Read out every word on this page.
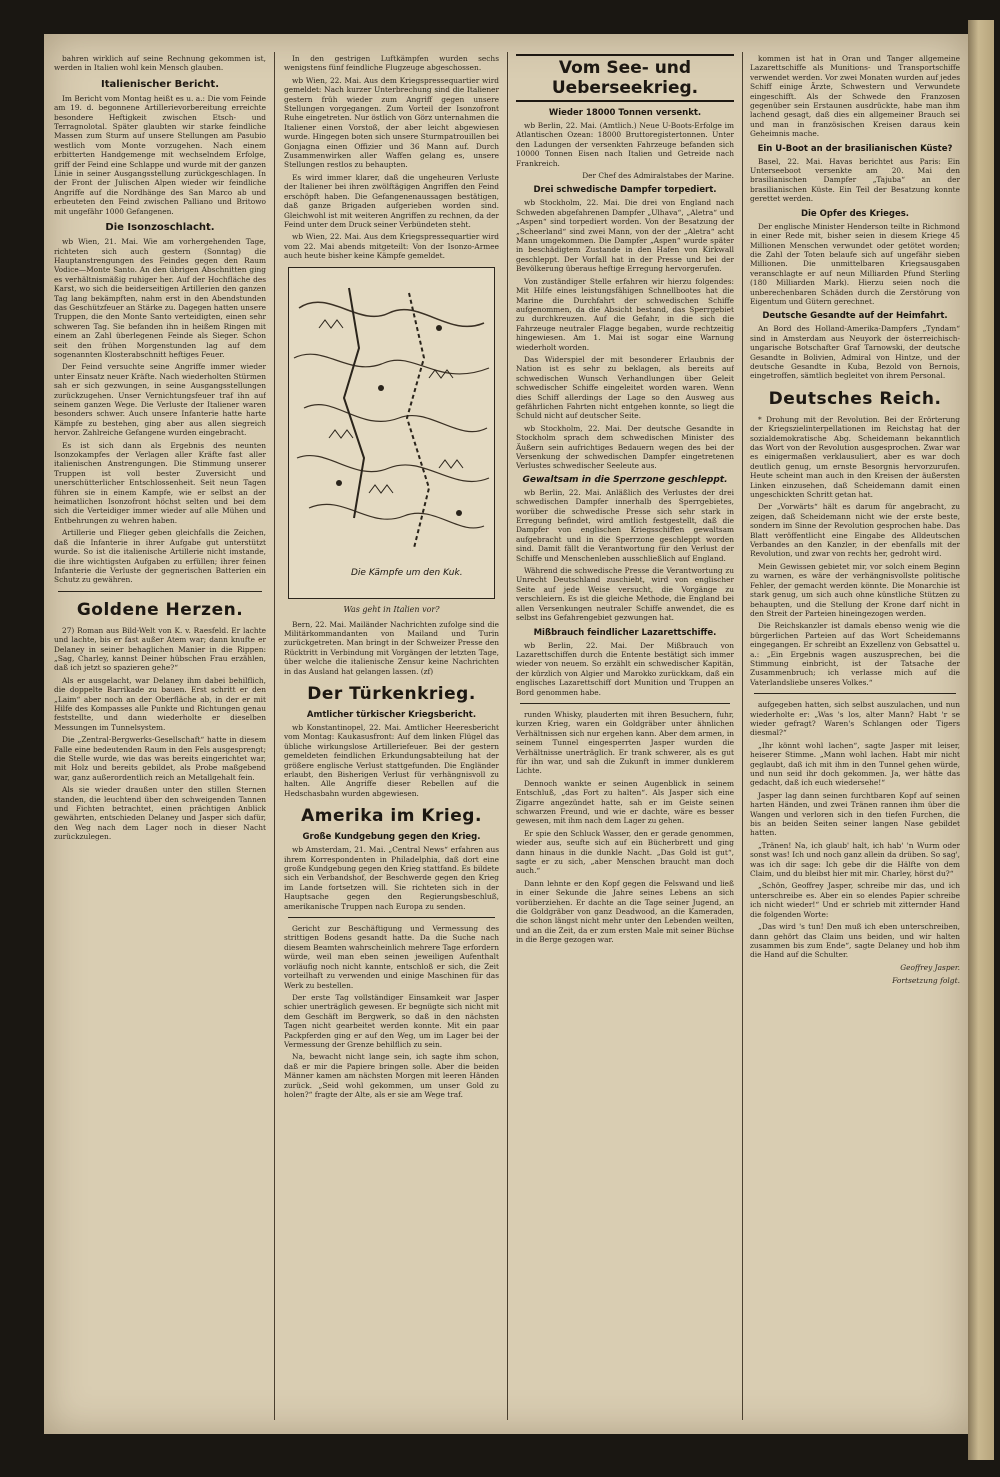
bahren wirklich auf seine Rechnung gekommen ist, werden in Italien wohl kein Mensch glauben.

Italienischer Bericht.

Im Bericht vom Montag heißt es u. a.: Die vom Feinde am 19. d. begonnene Artillerievorbereitung erreichte besondere Heftigkeit zwischen Etsch- und Terragnolotal. Später glaubten wir starke feindliche Massen zum Sturm auf unsere Stellungen am Pasubio westlich vom Monte vorzugehen. Nach einem erbitterten Handgemenge mit wechselndem Erfolge, griff der Feind eine Schlappe und wurde mit der ganzen Linie in seiner Ausgangsstellung zurückgeschlagen. In der Front der Julischen Alpen wieder wir feindliche Angriffe auf die Nordhänge des San Marco ab und erbeuteten den Feind zwischen Palliano und Britowo mit ungefähr 1000 Gefangenen.

Die Isonzoschlacht.

wb Wien, 21. Mai. Wie am vorhergehenden Tage, richteten sich auch gestern (Sonntag) die Hauptanstrengungen des Feindes gegen den Raum Vodice—Monte Santo. An den übrigen Abschnitten ging es verhältnismäßig ruhiger her. Auf der Hochfläche des Karst, wo sich die beiderseitigen Artillerien den ganzen Tag lang bekämpften, nahm erst in den Abendstunden das Geschützfeuer an Stärke zu. Dagegen hatten unsere Truppen, die den Monte Santo verteidigten, einen sehr schweren Tag. Sie befanden ihn in heißem Ringen mit einem an Zahl überlegenen Feinde als Sieger. Schon seit den frühen Morgenstunden lag auf dem sogenannten Klosterabschnitt heftiges Feuer.

Der Feind versuchte seine Angriffe immer wieder unter Einsatz neuer Kräfte. Nach wiederholten Stürmen sah er sich gezwungen, in seine Ausgangsstellungen zurückzugehen. Unser Vernichtungsfeuer traf ihn auf seinem ganzen Wege. Die Verluste der Italiener waren besonders schwer. Auch unsere Infanterie hatte harte Kämpfe zu bestehen, ging aber aus allen siegreich hervor. Zahlreiche Gefangene wurden eingebracht.

Es ist sich dann als Ergebnis des neunten Isonzokampfes der Verlagen aller Kräfte fast aller italienischen Anstrengungen. Die Stimmung unserer Truppen ist voll bester Zuversicht und unerschütterlicher Entschlossenheit. Seit neun Tagen führen sie in einem Kampfe, wie er selbst an der heimatlichen Isonzofront höchst selten und bei dem sich die Verteidiger immer wieder auf alle Mühen und Entbehrungen zu wehren haben.

Artillerie und Flieger geben gleichfalls die Zeichen, daß die Infanterie in ihrer Aufgabe gut unterstützt wurde. So ist die italienische Artillerie nicht imstande, die ihre wichtigsten Aufgaben zu erfüllen; ihrer feinen Infanterie die Verluste der gegnerischen Batterien ein Schutz zu gewähren.

Goldene Herzen.

27) Roman aus Bild-Welt von K. v. Raesfeld. Er lachte und lachte, bis er fast außer Atem war; dann knufte er Delaney in seiner behaglichen Manier in die Rippen: „Sag, Charley, kannst Deiner hübschen Frau erzählen, daß ich jetzt so spazieren gehe?“

Als er ausgelacht, war Delaney ihm dabei behilflich, die doppelte Barrikade zu bauen. Erst schritt er den „Laim“ aber noch an der Oberfläche ab, in der er mit Hilfe des Kompasses alle Punkte und Richtungen genau feststellte, und dann wiederholte er dieselben Messungen im Tunnelsystem.

Die „Zentral-Bergwerks-Gesellschaft“ hatte in diesem Falle eine bedeutenden Raum in den Fels ausgesprengt; die Stelle wurde, wie das was bereits eingerichtet war, mit Holz und bereits gebildet, als Probe maßgebend war, ganz außerordentlich reich an Metallgehalt fein.

Als sie wieder draußen unter den stillen Sternen standen, die leuchtend über den schweigenden Tannen und Fichten betrachtet, einen prächtigen Anblick gewährten, entschieden Delaney und Jasper sich dafür, den Weg nach dem Lager noch in dieser Nacht zurückzulegen.

In den gestrigen Luftkämpfen wurden sechs wenigstens fünf feindliche Flugzeuge abgeschossen.

wb Wien, 22. Mai. Aus dem Kriegspressequartier wird gemeldet: Nach kurzer Unterbrechung sind die Italiener gestern früh wieder zum Angriff gegen unsere Stellungen vorgegangen. Zum Vorteil der Isonzofront Ruhe eingetreten. Nur östlich von Görz unternahmen die Italiener einen Vorstoß, der aber leicht abgewiesen wurde. Hingegen boten sich unsere Sturmpatrouillen bei Gonjagna einen Offizier und 36 Mann auf. Durch Zusammenwirken aller Waffen gelang es, unsere Stellungen restlos zu behaupten.

Es wird immer klarer, daß die ungeheuren Verluste der Italiener bei ihren zwölftägigen Angriffen den Feind erschöpft haben. Die Gefangenenaussagen bestätigen, daß ganze Brigaden aufgerieben worden sind. Gleichwohl ist mit weiteren Angriffen zu rechnen, da der Feind unter dem Druck seiner Verbündeten steht.

wb Wien, 22. Mai. Aus dem Kriegspressequartier wird vom 22. Mai abends mitgeteilt: Von der Isonzo-Armee auch heute bisher keine Kämpfe gemeldet.

Die Kämpfe um den Kuk.
Was geht in Italien vor?

Bern, 22. Mai. Mailänder Nachrichten zufolge sind die Militärkommandanten von Mailand und Turin zurückgetreten. Man bringt in der Schweizer Presse den Rücktritt in Verbindung mit Vorgängen der letzten Tage, über welche die italienische Zensur keine Nachrichten in das Ausland hat gelangen lassen. (zf)

Der Türkenkrieg.
Amtlicher türkischer Kriegsbericht.

wb Konstantinopel, 22. Mai. Amtlicher Heeresbericht vom Montag: Kaukasusfront: Auf dem linken Flügel das übliche wirkungslose Artilleriefeuer. Bei der gestern gemeldeten feindlichen Erkundungsabteilung hat der größere englische Verlust stattgefunden. Die Engländer erlaubt, den Bisherigen Verlust für verhängnisvoll zu halten. Alle Angriffe dieser Rebellen auf die Hedschasbahn wurden abgewiesen.

Amerika im Krieg.
Große Kundgebung gegen den Krieg.

wb Amsterdam, 21. Mai. „Central News“ erfahren aus ihrem Korrespondenten in Philadelphia, daß dort eine große Kundgebung gegen den Krieg stattfand. Es bildete sich ein Verbandshof, der Beschwerde gegen den Krieg im Lande fortsetzen will. Sie richteten sich in der Hauptsache gegen den Regierungsbeschluß, amerikanische Truppen nach Europa zu senden.

Gericht zur Beschäftigung und Vermessung des strittigen Bodens gesandt hatte. Da die Suche nach diesem Beamten wahrscheinlich mehrere Tage erfordern würde, weil man eben seinen jeweiligen Aufenthalt vorläufig noch nicht kannte, entschloß er sich, die Zeit vorteilhaft zu verwenden und einige Maschinen für das Werk zu bestellen.

Der erste Tag vollständiger Einsamkeit war Jasper schier unerträglich gewesen. Er begnügte sich nicht mit dem Geschäft im Bergwerk, so daß in den nächsten Tagen nicht gearbeitet werden konnte. Mit ein paar Packpferden ging er auf den Weg, um im Lager bei der Vermessung der Grenze behilflich zu sein.

Na, bewacht nicht lange sein, ich sagte ihm schon, daß er mir die Papiere bringen solle. Aber die beiden Männer kamen am nächsten Morgen mit leeren Händen zurück. „Seid wohl gekommen, um unser Gold zu holen?“ fragte der Alte, als er sie am Wege traf.

Vom See- und Ueberseekrieg.
Wieder 18000 Tonnen versenkt.

wb Berlin, 22. Mai. (Amtlich.) Neue U-Boots-Erfolge im Atlantischen Ozean: 18000 Bruttoregistertonnen. Unter den Ladungen der versenkten Fahrzeuge befanden sich 10000 Tonnen Eisen nach Italien und Getreide nach Frankreich.

Der Chef des Admiralstabes der Marine.

Drei schwedische Dampfer torpediert.

wb Stockholm, 22. Mai. Die drei von England nach Schweden abgefahrenen Dampfer „Ulhava“, „Aletra“ und „Aspen“ sind torpediert worden. Von der Besatzung der „Scheerland“ sind zwei Mann, von der der „Aletra“ acht Mann umgekommen. Die Dampfer „Aspen“ wurde später in beschädigtem Zustande in den Hafen von Kirkwall geschleppt. Der Vorfall hat in der Presse und bei der Bevölkerung überaus heftige Erregung hervorgerufen.

Von zuständiger Stelle erfahren wir hierzu folgendes: Mit Hilfe eines leistungsfähigen Schnellbootes hat die Marine die Durchfahrt der schwedischen Schiffe aufgenommen, da die Absicht bestand, das Sperrgebiet zu durchkreuzen. Auf die Gefahr, in die sich die Fahrzeuge neutraler Flagge begaben, wurde rechtzeitig hingewiesen. Am 1. Mai ist sogar eine Warnung wiederholt worden.

Das Widerspiel der mit besonderer Erlaubnis der Nation ist es sehr zu beklagen, als bereits auf schwedischen Wunsch Verhandlungen über Geleit schwedischer Schiffe eingeleitet worden waren. Wenn dies Schiff allerdings der Lage so den Ausweg aus gefährlichen Fahrten nicht entgehen konnte, so liegt die Schuld nicht auf deutscher Seite.

wb Stockholm, 22. Mai. Der deutsche Gesandte in Stockholm sprach dem schwedischen Minister des Äußern sein aufrichtiges Bedauern wegen des bei der Versenkung der schwedischen Dampfer eingetretenen Verlustes schwedischer Seeleute aus.

Gewaltsam in die Sperrzone geschleppt.

wb Berlin, 22. Mai. Anläßlich des Verlustes der drei schwedischen Dampfer innerhalb des Sperrgebietes, worüber die schwedische Presse sich sehr stark in Erregung befindet, wird amtlich festgestellt, daß die Dampfer von englischen Kriegsschiffen gewaltsam aufgebracht und in die Sperrzone geschleppt worden sind. Damit fällt die Verantwortung für den Verlust der Schiffe und Menschenleben ausschließlich auf England.

Während die schwedische Presse die Verantwortung zu Unrecht Deutschland zuschiebt, wird von englischer Seite auf jede Weise versucht, die Vorgänge zu verschleiern. Es ist die gleiche Methode, die England bei allen Versenkungen neutraler Schiffe anwendet, die es selbst ins Gefahrengebiet gezwungen hat.

Mißbrauch feindlicher Lazarettschiffe.

wb Berlin, 22. Mai. Der Mißbrauch von Lazarettschiffen durch die Entente bestätigt sich immer wieder von neuem. So erzählt ein schwedischer Kapitän, der kürzlich von Algier und Marokko zurückkam, daß ein englisches Lazarettschiff dort Munition und Truppen an Bord genommen habe.

runden Whisky, plauderten mit ihren Besuchern, fuhr, kurzen Krieg, waren ein Goldgräber unter ähnlichen Verhältnissen sich nur ergehen kann. Aber dem armen, in seinem Tunnel eingesperrten Jasper wurden die Verhältnisse unerträglich. Er trank schwerer, als es gut für ihn war, und sah die Zukunft in immer dunklerem Lichte.

Dennoch wankte er seinen Augenblick in seinem Entschluß, „das Fort zu halten“. Als Jasper sich eine Zigarre angezündet hatte, sah er im Geiste seinen schwarzen Freund, und wie er dachte, wäre es besser gewesen, mit ihm nach dem Lager zu gehen.

Er spie den Schluck Wasser, den er gerade genommen, wieder aus, seufte sich auf ein Bücherbrett und ging dann hinaus in die dunkle Nacht. „Das Gold ist gut“, sagte er zu sich, „aber Menschen braucht man doch auch.“

Dann lehnte er den Kopf gegen die Felswand und ließ in einer Sekunde die Jahre seines Lebens an sich vorüberziehen. Er dachte an die Tage seiner Jugend, an die Goldgräber von ganz Deadwood, an die Kameraden, die schon längst nicht mehr unter den Lebenden weilten, und an die Zeit, da er zum ersten Male mit seiner Büchse in die Berge gezogen war.

kommen ist hat in Oran und Tanger allgemeine Lazarettschiffe als Munitions- und Transportschiffe verwendet werden. Vor zwei Monaten wurden auf jedes Schiff einige Ärzte, Schwestern und Verwundete eingeschifft. Als der Schwede den Franzosen gegenüber sein Erstaunen ausdrückte, habe man ihm lachend gesagt, daß dies ein allgemeiner Brauch sei und man in französischen Kreisen daraus kein Geheimnis mache.

Ein U-Boot an der brasilianischen Küste?

Basel, 22. Mai. Havas berichtet aus Paris: Ein Unterseeboot versenkte am 20. Mai den brasilianischen Dampfer „Tajuba“ an der brasilianischen Küste. Ein Teil der Besatzung konnte gerettet werden.

Die Opfer des Krieges.

Der englische Minister Henderson teilte in Richmond in einer Rede mit, bisher seien in diesem Kriege 45 Millionen Menschen verwundet oder getötet worden; die Zahl der Toten belaufe sich auf ungefähr sieben Millionen. Die unmittelbaren Kriegsausgaben veranschlagte er auf neun Milliarden Pfund Sterling (180 Milliarden Mark). Hierzu seien noch die unberechenbaren Schäden durch die Zerstörung von Eigentum und Gütern gerechnet.

Deutsche Gesandte auf der Heimfahrt.

An Bord des Holland-Amerika-Dampfers „Tyndam“ sind in Amsterdam aus Neuyork der österreichisch-ungarische Botschafter Graf Tarnowski, der deutsche Gesandte in Bolivien, Admiral von Hintze, und der deutsche Gesandte in Kuba, Bezold von Bernois, eingetroffen, sämtlich begleitet von ihrem Personal.

Deutsches Reich.

* Drohung mit der Revolution. Bei der Erörterung der Kriegszielinterpellationen im Reichstag hat der sozialdemokratische Abg. Scheidemann bekanntlich das Wort von der Revolution ausgesprochen. Zwar war es einigermaßen verklausuliert, aber es war doch deutlich genug, um ernste Besorgnis hervorzurufen. Heute scheint man auch in den Kreisen der äußersten Linken einzusehen, daß Scheidemann damit einen ungeschickten Schritt getan hat.

Der „Vorwärts“ hält es darum für angebracht, zu zeigen, daß Scheidemann nicht wie der erste beste, sondern im Sinne der Revolution gesprochen habe. Das Blatt veröffentlicht eine Eingabe des Alldeutschen Verbandes an den Kanzler, in der ebenfalls mit der Revolution, und zwar von rechts her, gedroht wird.

Mein Gewissen gebietet mir, vor solch einem Beginn zu warnen, es wäre der verhängnisvollste politische Fehler, der gemacht werden könnte. Die Monarchie ist stark genug, um sich auch ohne künstliche Stützen zu behaupten, und die Stellung der Krone darf nicht in den Streit der Parteien hineingezogen werden.

Die Reichskanzler ist damals ebenso wenig wie die bürgerlichen Parteien auf das Wort Scheidemanns eingegangen. Er schreibt an Exzellenz von Gebsattel u. a.: „Ein Ergebnis wagen auszusprechen, bei die Stimmung einbricht, ist der Tatsache der Zusammenbruch; ich verlasse mich auf die Vaterlandsliebe unseres Volkes.“

aufgegeben hatten, sich selbst auszulachen, und nun wiederholte er: „Was 's los, alter Mann? Habt 'r se wieder gefragt? Waren's Schlangen oder Tigers diesmal?“

„Ihr könnt wohl lachen“, sagte Jasper mit leiser, heiserer Stimme. „Mann wohl lachen. Habt mir nicht geglaubt, daß ich mit ihm in den Tunnel gehen würde, und nun seid ihr doch gekommen. Ja, wer hätte das gedacht, daß ich euch wiedersehe!“

Jasper lag dann seinen furchtbaren Kopf auf seinen harten Händen, und zwei Tränen rannen ihm über die Wangen und verloren sich in den tiefen Furchen, die bis an beiden Seiten seiner langen Nase gebildet hatten.

„Tränen! Na, ich glaub' halt, ich hab' 'n Wurm oder sonst was! Ich und noch ganz allein da drüben. So sag', was ich dir sage: Ich gebe dir die Hälfte von dem Claim, und du bleibst hier mit mir. Charley, hörst du?“

„Schön, Geoffrey Jasper, schreibe mir das, und ich unterschreibe es. Aber ein so elendes Papier schreibe ich nicht wieder!“ Und er schrieb mit zitternder Hand die folgenden Worte:

„Das wird 's tun! Den muß ich eben unterschreiben, dann gehört das Claim uns beiden, und wir halten zusammen bis zum Ende“, sagte Delaney und hob ihm die Hand auf die Schulter.

Geoffrey Jasper.

Fortsetzung folgt.
